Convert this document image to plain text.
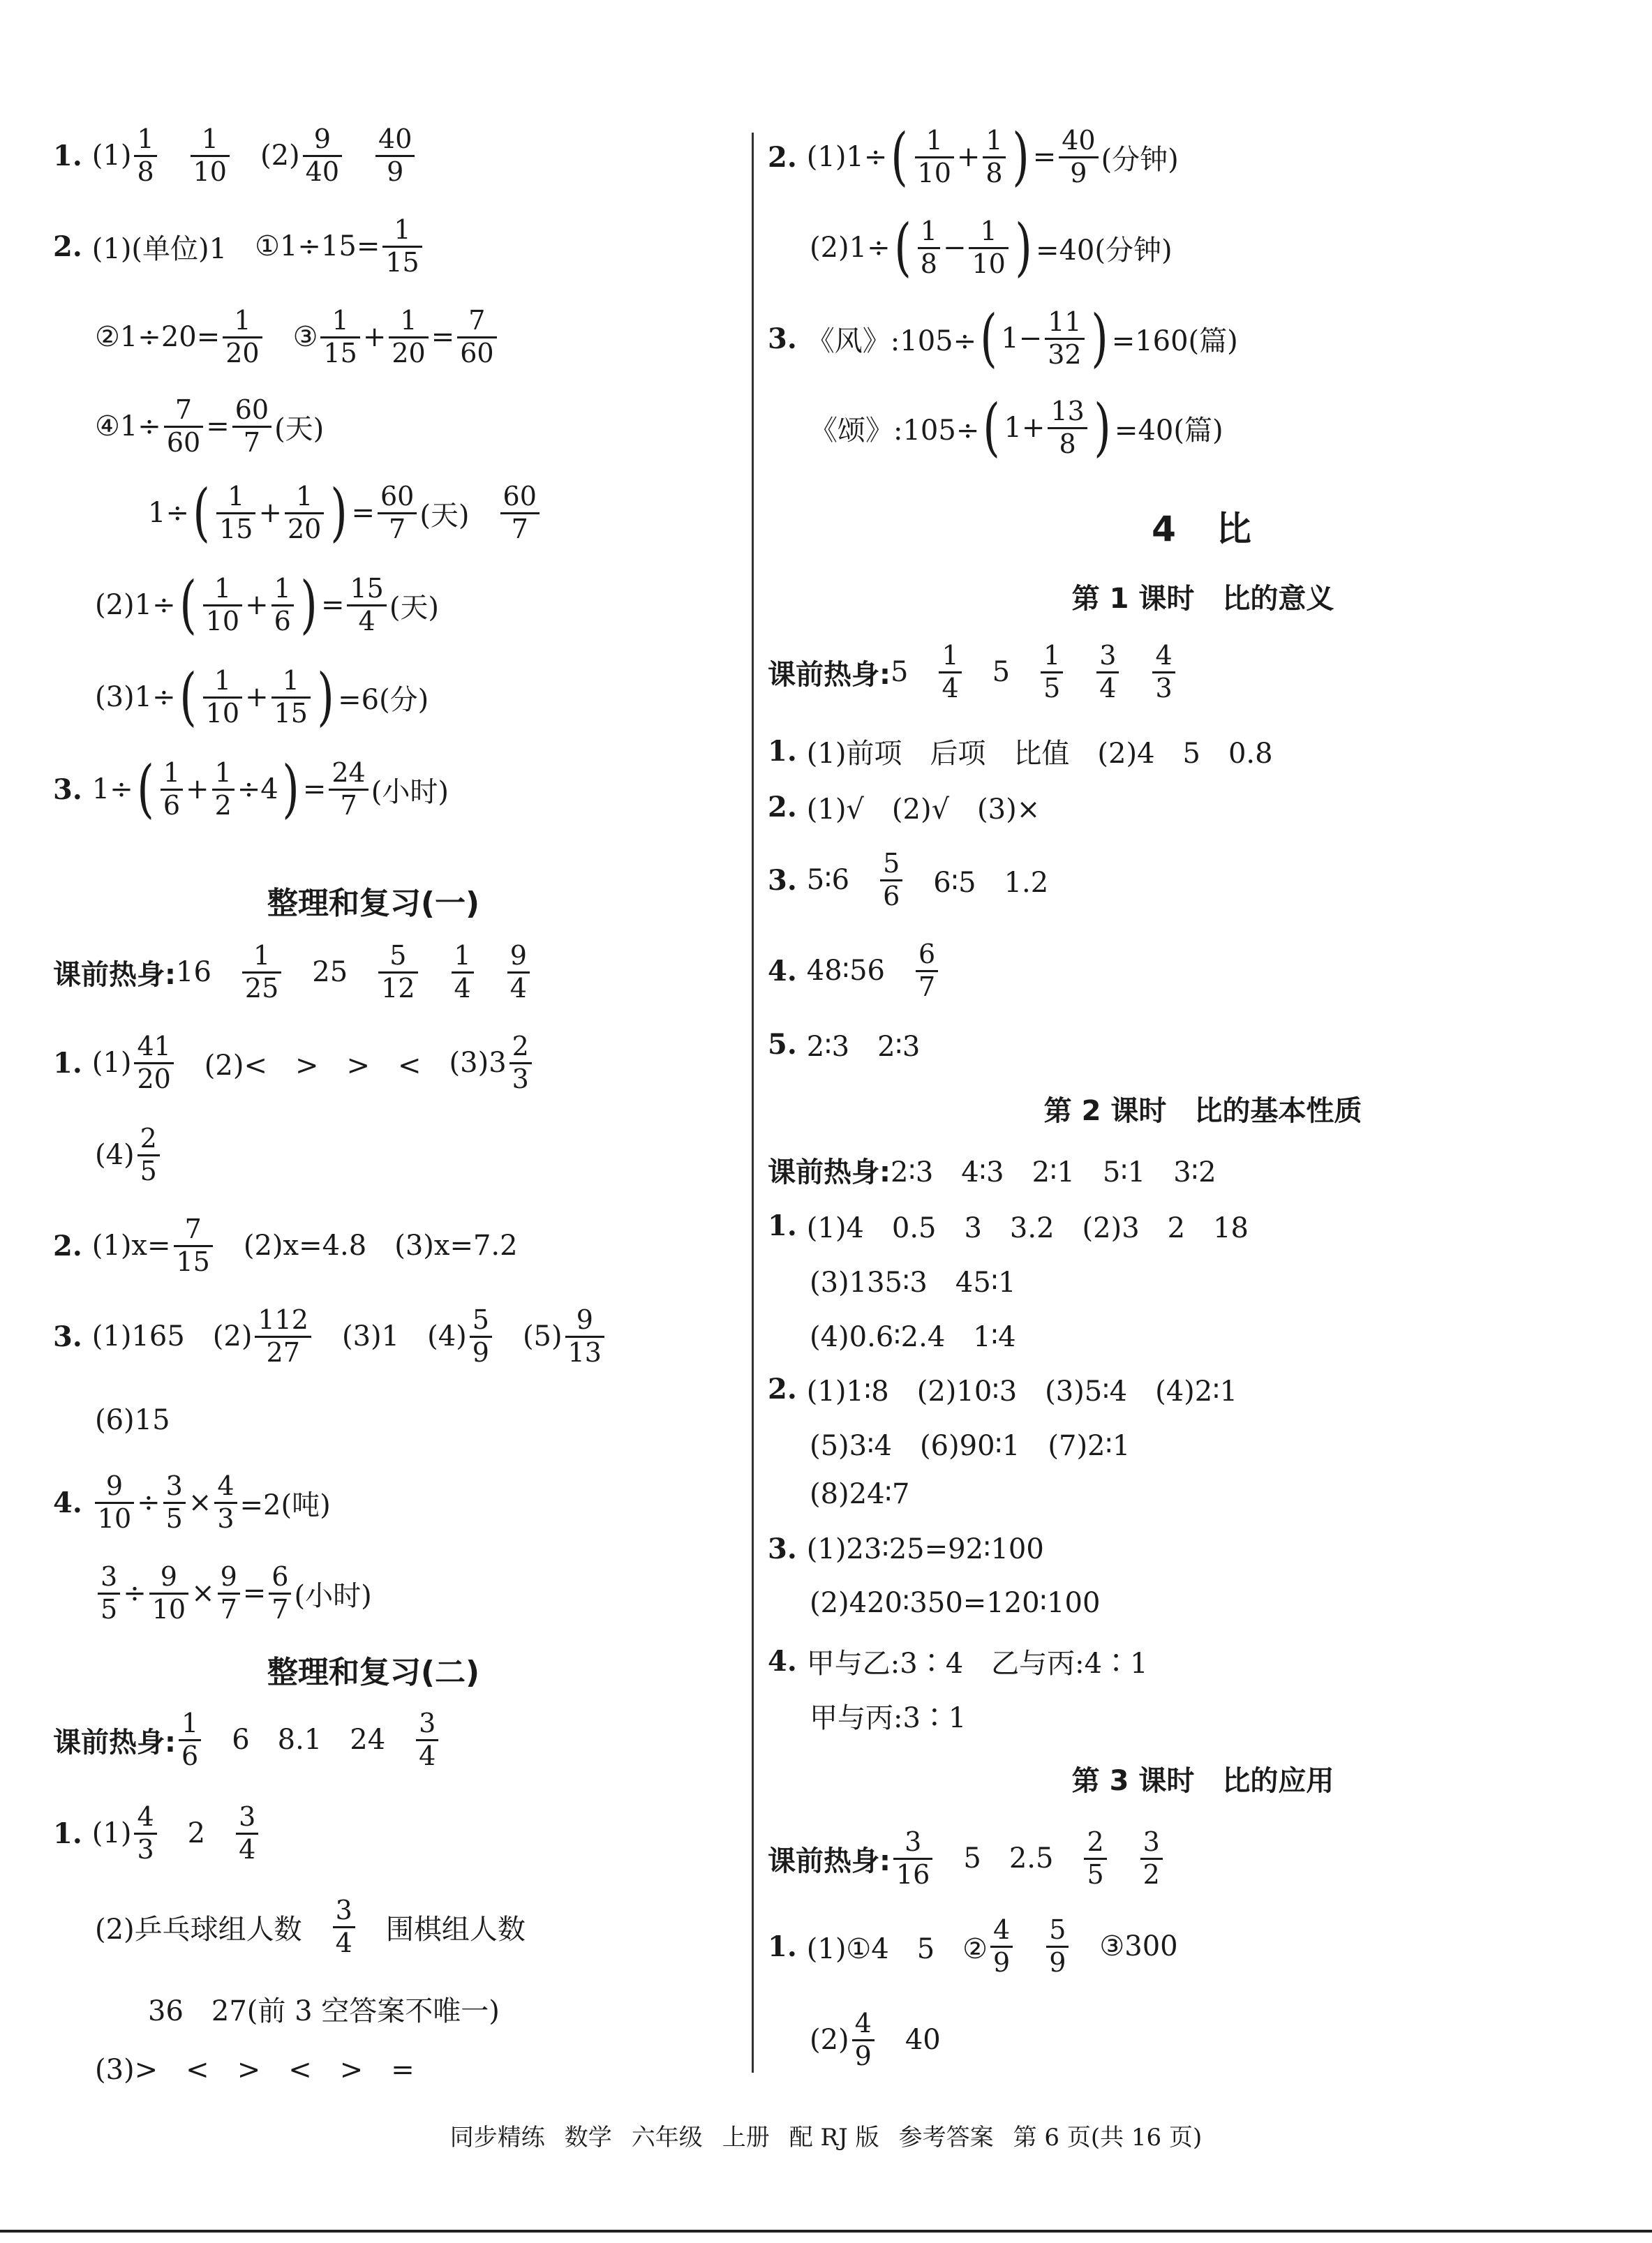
1. $(1) \frac{1}{8} \frac{1}{10} (2) \frac{9}{40} \frac{40}{9}$
2. (1)(单位)1 ①1÷15= $\frac{1}{15}$
②1÷20= $\frac{1}{20}$ ③ $\frac{1}{15} + \frac{1}{20} = \frac{7}{60}$
④1÷ $\frac{7}{60} = \frac{60}{7}$ (天)
1÷ ( $\frac{1}{15} + \frac{1}{20}$ ) = $\frac{60}{7}$ (天) $\frac{60}{7}$
(2)1÷ ( $\frac{1}{10} + \frac{1}{6}$ ) = $\frac{15}{4}$ (天)
(3)1÷ ( $\frac{1}{10} + \frac{1}{15}$ ) =6(分)
3. 1÷ ( $\frac{1}{6} + \frac{1}{2} \div 4$ ) = $\frac{24}{7}$ (小时)
整理和复习(一)
课前热身: $16 \frac{1}{25} 25 \frac{5}{12} \frac{1}{4} \frac{9}{4}$
1. $(1) \frac{41}{20} (2)<$　>　>　< $(3)3 \frac{2}{3}$
$(4) \frac{2}{5}$
2. $(1)x= \frac{7}{15} (2)x=4.8$ (3)x=7.2
3. (1)165 $(2) \frac{112}{27} (3)1$ $(4) \frac{5}{9} (5) \frac{9}{13}$
(6)15
4. $\frac{9}{10} \div \frac{3}{5} \times \frac{4}{3} =2$(吨)
$\frac{3}{5} \div \frac{9}{10} \times \frac{9}{7} = \frac{6}{7}$ (小时)
整理和复习(二)
课前热身: $\frac{1}{6} 6$ 8.1 $24 \frac{3}{4}$
1. $(1) \frac{4}{3} 2 \frac{3}{4}$
(2)乒乓球组人数 $\frac{3}{4}$ 围棋组人数
36　27(前 3 空答案不唯一)
(3)>　<　>　<　>　=
2. (1)1÷ ( $\frac{1}{10} + \frac{1}{8}$ ) = $\frac{40}{9}$ (分钟)
(2)1÷ ( $\frac{1}{8} - \frac{1}{10}$ ) =40(分钟)
3. 《风》:105÷ ( $1- \frac{11}{32}$ ) =160(篇)
《颂》:105÷ ( $1+ \frac{13}{8}$ ) =40(篇)
4　比
第 1 课时　比的意义
课前热身: $5 \frac{1}{4} 5 \frac{1}{5} \frac{3}{4} \frac{4}{3}$
1. (1)前项　后项　比值　(2)4　5　0.8
2. (1)√　(2)√　(3)×
3. 5∶6 $\frac{5}{6}$ 6∶5　1.2
4. 48∶56 $\frac{6}{7}$
5. 2∶3　2∶3
第 2 课时　比的基本性质
课前热身: 2∶3　4∶3　2∶1　5∶1　3∶2
1. (1)4　0.5　3　3.2　(2)3　2　18
(3)135∶3　45∶1
(4)0.6∶2.4　1∶4
2. (1)1∶8　(2)10∶3　(3)5∶4　(4)2∶1
(5)3∶4　(6)90∶1　(7)2∶1
(8)24∶7
3. (1)23∶25=92∶100
(2)420∶350=120∶100
4. 甲与乙:3∶4　乙与丙:4∶1
甲与丙:3∶1
第 3 课时　比的应用
课前热身: $\frac{3}{16} 5$ $2.5 \frac{2}{5} \frac{3}{2}$
1. (1)①4　5　② $\frac{4}{9} \frac{5}{9}$ ③300
$(2) \frac{4}{9} 40$
同步精练 数学 六年级 上册 配 RJ 版 参考答案 第 6 页(共 16 页)
